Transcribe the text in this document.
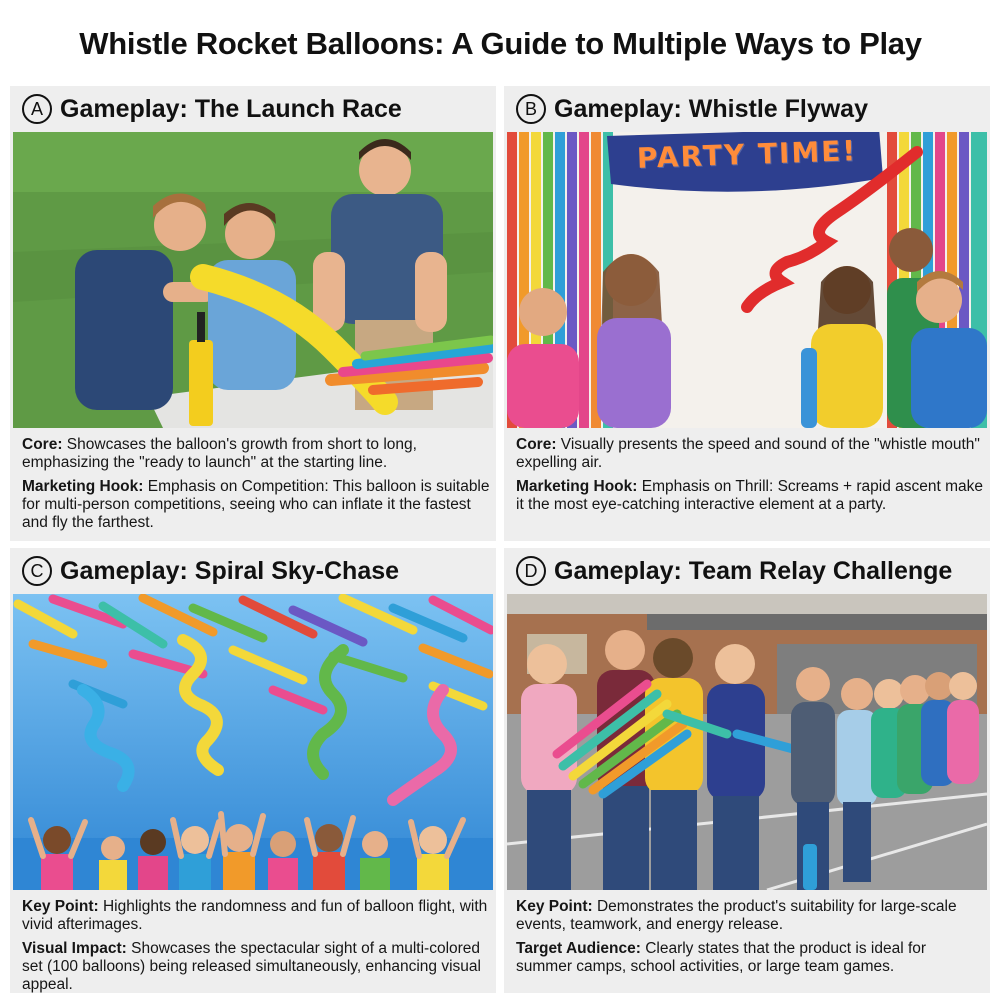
Whistle Rocket Balloons: A Guide to Multiple Ways to Play
A Gameplay: The Launch Race

Core: Showcases the balloon's growth from short to long, emphasizing the "ready to launch" at the starting line.

Marketing Hook: Emphasis on Competition: This balloon is suitable for multi-person competitions, seeing who can inflate it the fastest and fly the farthest.

B Gameplay: Whistle Flyway
PARTY TIME!

Core: Visually presents the speed and sound of the "whistle mouth" expelling air.

Marketing Hook: Emphasis on Thrill: Screams + rapid ascent make it the most eye-catching interactive element at a party.

C Gameplay: Spiral Sky-Chase

Key Point: Highlights the randomness and fun of balloon flight, with vivid afterimages.

Visual Impact: Showcases the spectacular sight of a multi-colored set (100 balloons) being released simultaneously, enhancing visual appeal.

D Gameplay: Team Relay Challenge

Key Point: Demonstrates the product's suitability for large-scale events, teamwork, and energy release.

Target Audience: Clearly states that the product is ideal for summer camps, school activities, or large team games.
